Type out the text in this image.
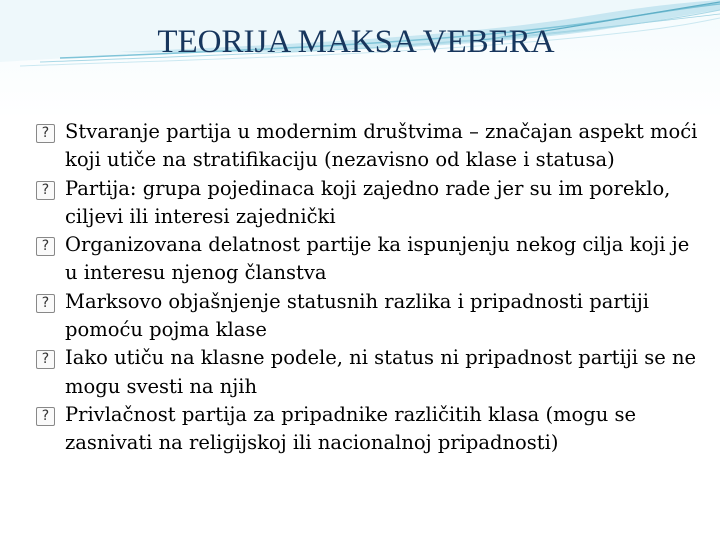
TEORIJA MAKSA VEBERA
? Stvaranje partija u modernim društvima – značajan aspekt moći koji utiče na stratifikaciju (nezavisno od klase i statusa)
? Partija: grupa pojedinaca koji zajedno rade jer su im poreklo, ciljevi ili interesi zajednički
? Organizovana delatnost partije ka ispunjenju nekog cilja koji je u interesu njenog članstva
? Marksovo objašnjenje statusnih razlika i pripadnosti partiji pomoću pojma klase
? Iako utiču na klasne podele, ni status ni pripadnost partiji se ne mogu svesti na njih
? Privlačnost partija za pripadnike različitih klasa (mogu se zasnivati na religijskoj ili nacionalnoj pripadnosti)
